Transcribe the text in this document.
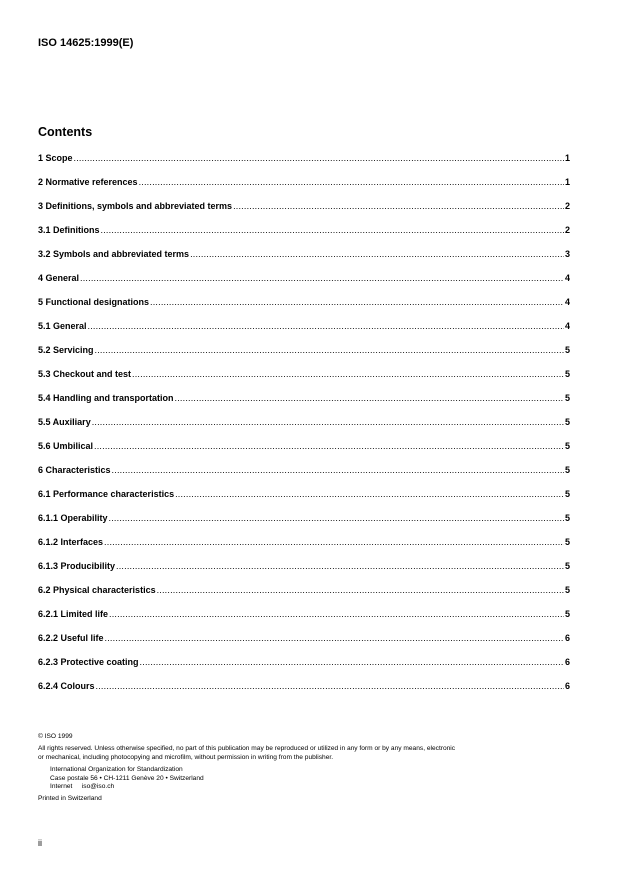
ISO 14625:1999(E)
Contents
1 Scope .....	1
2 Normative references .....	1
3 Definitions, symbols and abbreviated terms .....	2
3.1 Definitions .....	2
3.2 Symbols and abbreviated terms .....	3
4 General .....	4
5 Functional designations .....	4
5.1 General .....	4
5.2 Servicing .....	5
5.3 Checkout and test .....	5
5.4 Handling and transportation .....	5
5.5 Auxiliary .....	5
5.6 Umbilical .....	5
6 Characteristics .....	5
6.1 Performance characteristics .....	5
6.1.1 Operability .....	5
6.1.2 Interfaces .....	5
6.1.3 Producibility .....	5
6.2 Physical characteristics .....	5
6.2.1 Limited life .....	5
6.2.2 Useful life .....	6
6.2.3 Protective coating .....	6
6.2.4 Colours .....	6

© ISO 1999

All rights reserved. Unless otherwise specified, no part of this publication may be reproduced or utilized in any form or by any means, electronic

or mechanical, including photocopying and microfilm, without permission in writing from the publisher.

International Organization for Standardization

Case postale 56 • CH-1211 Genève 20 • Switzerland

Internet iso@iso.ch

Printed in Switzerland

ii
